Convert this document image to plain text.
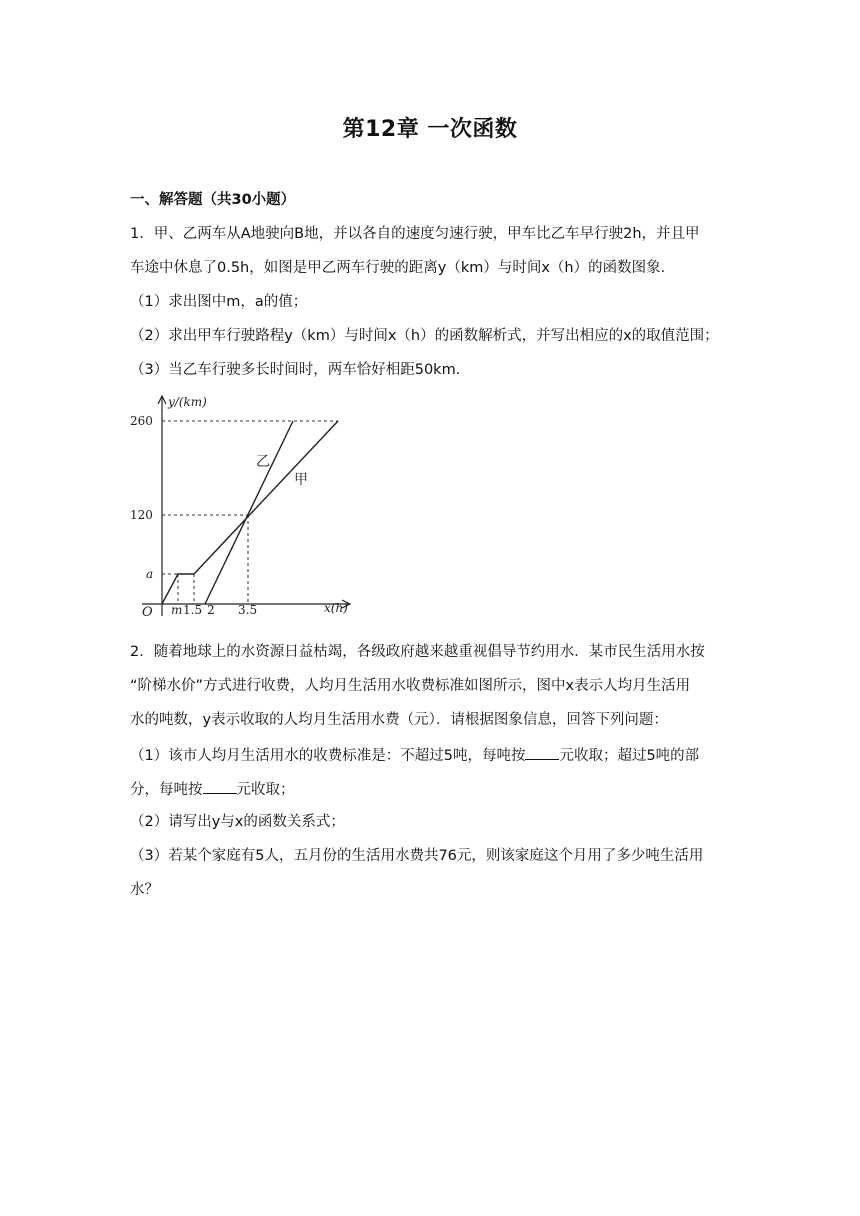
第12章 一次函数
一、解答题（共30小题）
1．甲、乙两车从A地驶向B地，并以各自的速度匀速行驶，甲车比乙车早行驶2h，并且甲
车途中休息了0.5h，如图是甲乙两车行驶的距离y（km）与时间x（h）的函数图象．
（1）求出图中m，a的值；
（2）求出甲车行驶路程y（km）与时间x（h）的函数解析式，并写出相应的x的取值范围；
（3）当乙车行驶多长时间时，两车恰好相距50km．
y/(km)
x(h)
O
260
120
a
m 1.5 2 3.5
乙
甲
2．随着地球上的水资源日益枯竭，各级政府越来越重视倡导节约用水．某市民生活用水按
“阶梯水价”方式进行收费，人均月生活用水收费标准如图所示，图中x表示人均月生活用
水的吨数，y表示收取的人均月生活用水费（元）．请根据图象信息，回答下列问题：
（1）该市人均月生活用水的收费标准是：不超过5吨，每吨按 元收取；超过5吨的部
分，每吨按 元收取；
（2）请写出y与x的函数关系式；
（3）若某个家庭有5人，五月份的生活用水费共76元，则该家庭这个月用了多少吨生活用
水？
